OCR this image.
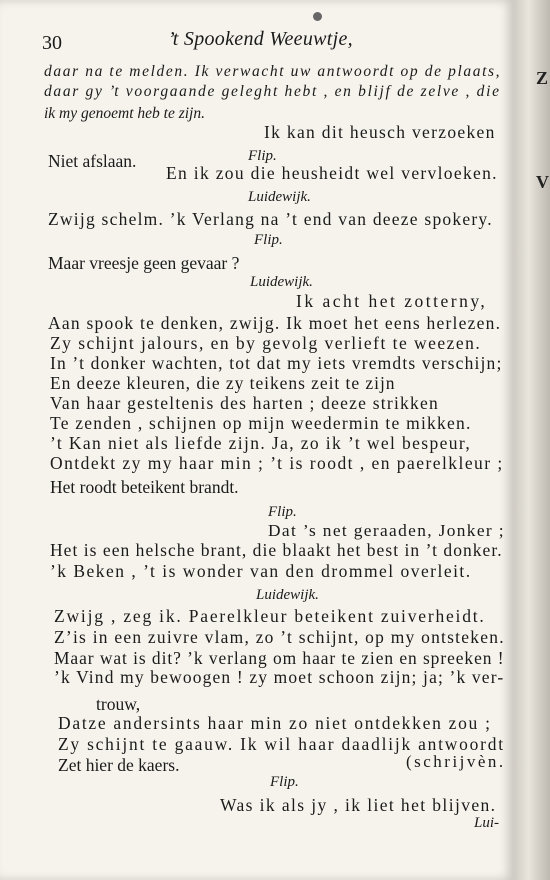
Z
V
30	’t Spookend Weeuwtje,
daar na te melden. Ik verwacht uw antwoordt op de plaats,
daar gy ’t voorgaande geleght hebt , en blijf de zelve , die
ik my genoemt heb te zijn.
Ik kan dit heusch verzoeken
Niet afslaan.	Flip.
En ik zou die heusheidt wel vervloeken.
Luidewijk.
Zwijg schelm. ’k Verlang na ’t end van deeze spokery.
Flip.
Maar vreesje geen gevaar ?
Luidewijk.
Ik acht het zotterny,
Aan spook te denken, zwijg. Ik moet het eens herlezen.
Zy schijnt jalours, en by gevolg verlieft te weezen.
In ’t donker wachten, tot dat my iets vremdts verschijn;
En deeze kleuren, die zy teikens zeit te zijn
Van haar gesteltenis des harten ; deeze strikken
Te zenden , schijnen op mijn weedermin te mikken.
’t Kan niet als liefde zijn. Ja, zo ik ’t wel bespeur,
Ontdekt zy my haar min ; ’t is roodt , en paerelkleur ;
Het roodt beteikent brandt.
Flip.
Dat ’s net geraaden, Jonker ;
Het is een helsche brant, die blaakt het best in ’t donker.
’k Beken , ’t is wonder van den drommel overleit.
Luidewijk.
Zwijg , zeg ik. Paerelkleur beteikent zuiverheidt.
Z’is in een zuivre vlam, zo ’t schijnt, op my ontsteken.
Maar wat is dit? ’k verlang om haar te zien en spreeken !
’k Vind my bewoogen ! zy moet schoon zijn; ja; ’k ver-
trouw,
Datze andersints haar min zo niet ontdekken zou ;
Zy schijnt te gaauw. Ik wil haar daadlijk antwoordt
Zet hier de kaers.	(schrijvèn.
Flip.
Was ik als jy , ik liet het blijven.
Lui-
